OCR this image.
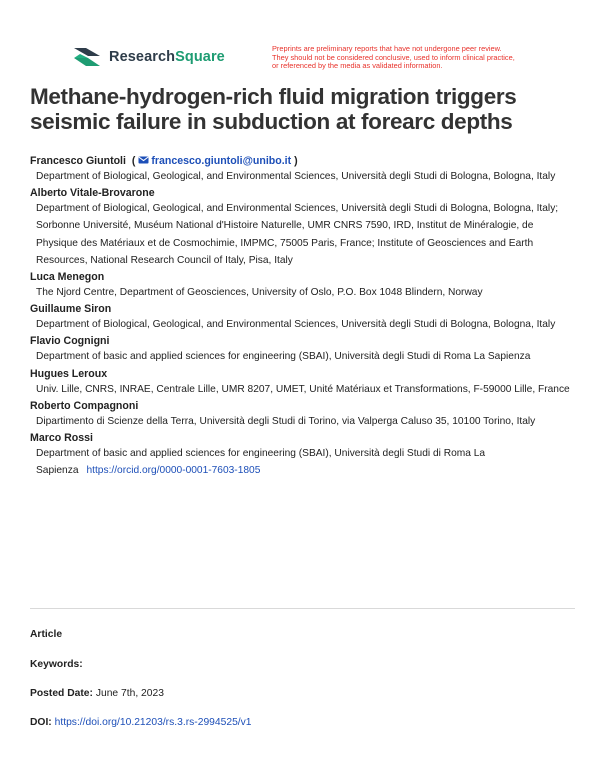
ResearchSquare
Preprints are preliminary reports that have not undergone peer review.
They should not be considered conclusive, used to inform clinical practice,
or referenced by the media as validated information.
Methane-hydrogen-rich fluid migration triggers
seismic failure in subduction at forearc depths
Francesco Giuntoli  ( francesco.giuntoli@unibo.it )
Department of Biological, Geological, and Environmental Sciences, Università degli Studi di Bologna, Bologna, Italy
Alberto Vitale-Brovarone
Department of Biological, Geological, and Environmental Sciences, Università degli Studi di Bologna, Bologna, Italy; Sorbonne Université, Muséum National d'Histoire Naturelle, UMR CNRS 7590, IRD, Institut de Minéralogie, de Physique des Matériaux et de Cosmochimie, IMPMC, 75005 Paris, France; Institute of Geosciences and Earth Resources, National Research Council of Italy, Pisa, Italy
Luca Menegon
The Njord Centre, Department of Geosciences, University of Oslo, P.O. Box 1048 Blindern, Norway
Guillaume Siron
Department of Biological, Geological, and Environmental Sciences, Università degli Studi di Bologna, Bologna, Italy
Flavio Cognigni
Department of basic and applied sciences for engineering (SBAI), Università degli Studi di Roma La Sapienza
Hugues Leroux
Univ. Lille, CNRS, INRAE, Centrale Lille, UMR 8207, UMET, Unité Matériaux et Transformations, F-59000 Lille, France
Roberto Compagnoni
Dipartimento di Scienze della Terra, Università degli Studi di Torino, via Valperga Caluso 35, 10100 Torino, Italy
Marco Rossi
Department of basic and applied sciences for engineering (SBAI), Università degli Studi di Roma La Sapienza https://orcid.org/0000-0001-7603-1805
Article
Keywords:
Posted Date: June 7th, 2023
DOI: https://doi.org/10.21203/rs.3.rs-2994525/v1
